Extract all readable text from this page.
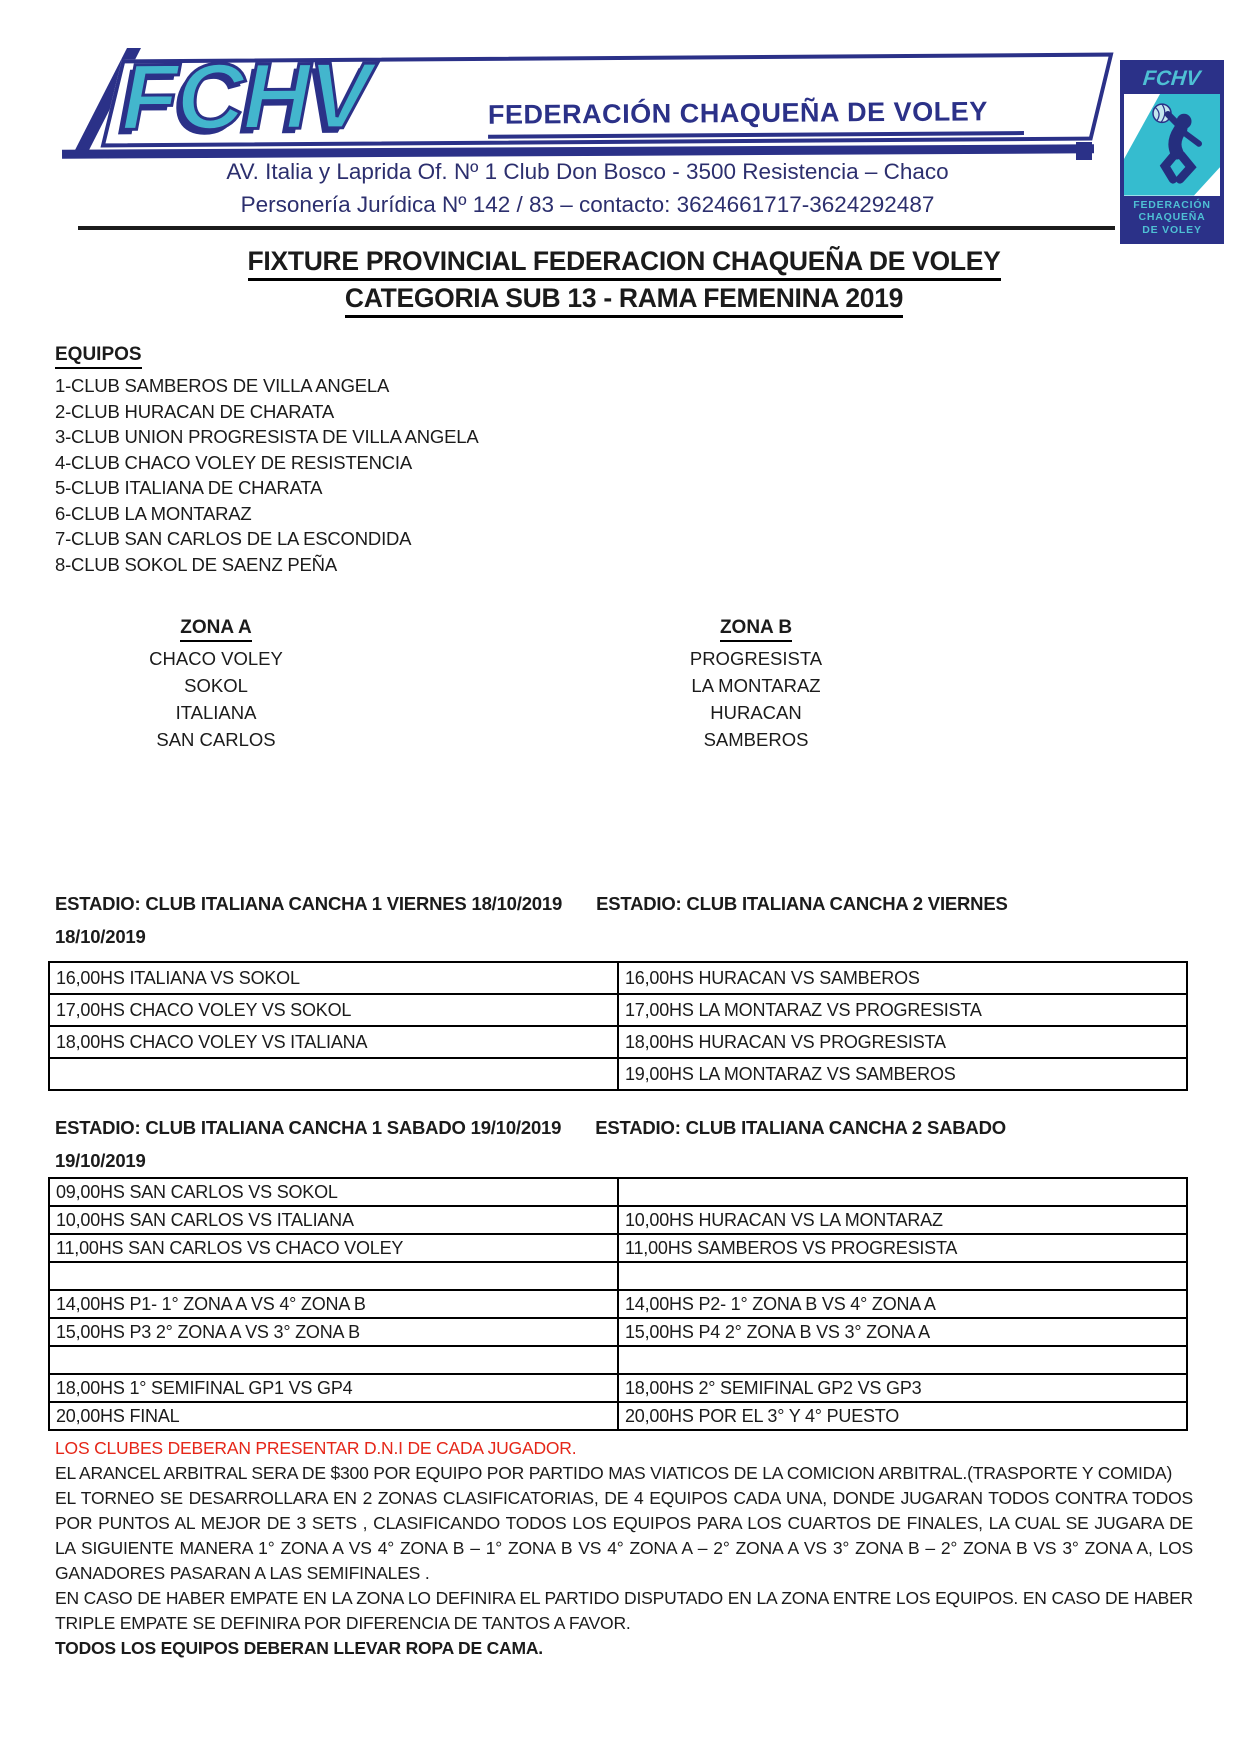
FCHV	FEDERACIÓN CHAQUEÑA DE VOLEY
AV. Italia y Laprida Of. Nº 1 Club Don Bosco - 3500 Resistencia – Chaco
Personería Jurídica Nº 142 / 83 – contacto: 3624661717-3624292487
FCHV
FEDERACIÓN
CHAQUEÑA
DE VOLEY
FIXTURE PROVINCIAL FEDERACION CHAQUEÑA DE VOLEY
CATEGORIA SUB 13 - RAMA FEMENINA 2019
EQUIPOS

1-CLUB SAMBEROS DE VILLA ANGELA

2-CLUB HURACAN DE CHARATA

3-CLUB UNION PROGRESISTA DE VILLA ANGELA

4-CLUB CHACO VOLEY DE RESISTENCIA

5-CLUB ITALIANA DE CHARATA

6-CLUB LA MONTARAZ

7-CLUB SAN CARLOS DE LA ESCONDIDA

8-CLUB SOKOL DE SAENZ PEÑA

ZONA A

CHACO VOLEY

SOKOL

ITALIANA

SAN CARLOS

ZONA B

PROGRESISTA

LA MONTARAZ

HURACAN

SAMBEROS

ESTADIO: CLUB ITALIANA CANCHA 1 VIERNES 18/10/2019 ESTADIO: CLUB ITALIANA CANCHA 2 VIERNES
18/10/2019

16,00HS ITALIANA VS SOKOL	16,00HS HURACAN VS SAMBEROS
17,00HS CHACO VOLEY VS SOKOL	17,00HS LA MONTARAZ VS PROGRESISTA
18,00HS CHACO VOLEY VS ITALIANA	18,00HS HURACAN VS PROGRESISTA
	19,00HS LA MONTARAZ VS SAMBEROS

ESTADIO: CLUB ITALIANA CANCHA 1 SABADO 19/10/2019 ESTADIO: CLUB ITALIANA CANCHA 2 SABADO
19/10/2019

09,00HS SAN CARLOS VS SOKOL	
10,00HS SAN CARLOS VS ITALIANA	10,00HS HURACAN VS LA MONTARAZ
11,00HS SAN CARLOS VS CHACO VOLEY	11,00HS SAMBEROS VS PROGRESISTA

14,00HS P1- 1° ZONA A VS 4° ZONA B	14,00HS P2- 1° ZONA B VS 4° ZONA A
15,00HS P3 2° ZONA A VS 3° ZONA B	15,00HS P4 2° ZONA B VS 3° ZONA A

18,00HS 1° SEMIFINAL GP1 VS GP4	18,00HS 2° SEMIFINAL GP2 VS GP3
20,00HS FINAL	20,00HS POR EL 3° Y 4° PUESTO

LOS CLUBES DEBERAN PRESENTAR D.N.I DE CADA JUGADOR.

EL ARANCEL ARBITRAL SERA DE $300 POR EQUIPO POR PARTIDO MAS VIATICOS DE LA COMICION ARBITRAL.(TRASPORTE Y COMIDA)

EL TORNEO SE DESARROLLARA EN 2 ZONAS CLASIFICATORIAS, DE 4 EQUIPOS CADA UNA, DONDE JUGARAN TODOS CONTRA TODOS POR PUNTOS AL MEJOR DE 3 SETS , CLASIFICANDO TODOS LOS EQUIPOS PARA LOS CUARTOS DE FINALES, LA CUAL SE JUGARA DE LA SIGUIENTE MANERA 1° ZONA A VS 4° ZONA B – 1° ZONA B VS 4° ZONA A – 2° ZONA A VS 3° ZONA B – 2° ZONA B VS 3° ZONA A, LOS GANADORES PASARAN A LAS SEMIFINALES .

EN CASO DE HABER EMPATE EN LA ZONA LO DEFINIRA EL PARTIDO DISPUTADO EN LA ZONA ENTRE LOS EQUIPOS. EN CASO DE HABER TRIPLE EMPATE SE DEFINIRA POR DIFERENCIA DE TANTOS A FAVOR.

TODOS LOS EQUIPOS DEBERAN LLEVAR ROPA DE CAMA.
